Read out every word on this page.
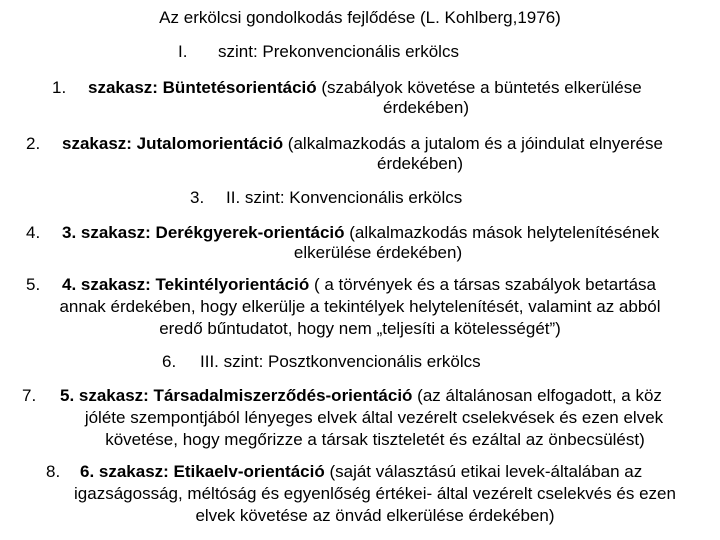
Az erkölcsi gondolkodás fejlődése (L. Kohlberg,1976)
I. szint: Prekonvencionális erkölcs
1. szakasz: Büntetésorientáció (szabályok követése a büntetés elkerülése
érdekében)
2. szakasz: Jutalomorientáció (alkalmazkodás a jutalom és a jóindulat elnyerése
érdekében)
3. II. szint: Konvencionális erkölcs
4. 3. szakasz: Derékgyerek-orientáció (alkalmazkodás mások helytelenítésének
elkerülése érdekében)
5. 4. szakasz: Tekintélyorientáció ( a törvények és a társas szabályok betartása
annak érdekében, hogy elkerülje a tekintélyek helytelenítését, valamint az abból
eredő bűntudatot, hogy nem „teljesíti a kötelességét”)
6. III. szint: Posztkonvencionális erkölcs
7. 5. szakasz: Társadalmiszerződés-orientáció (az általánosan elfogadott, a köz
jóléte szempontjából lényeges elvek által vezérelt cselekvések és ezen elvek
követése, hogy megőrizze a társak tiszteletét és ezáltal az önbecsülést)
8. 6. szakasz: Etikaelv-orientáció (saját választású etikai levek-általában az
igazságosság, méltóság és egyenlőség értékei- által vezérelt cselekvés és ezen
elvek követése az önvád elkerülése érdekében)
